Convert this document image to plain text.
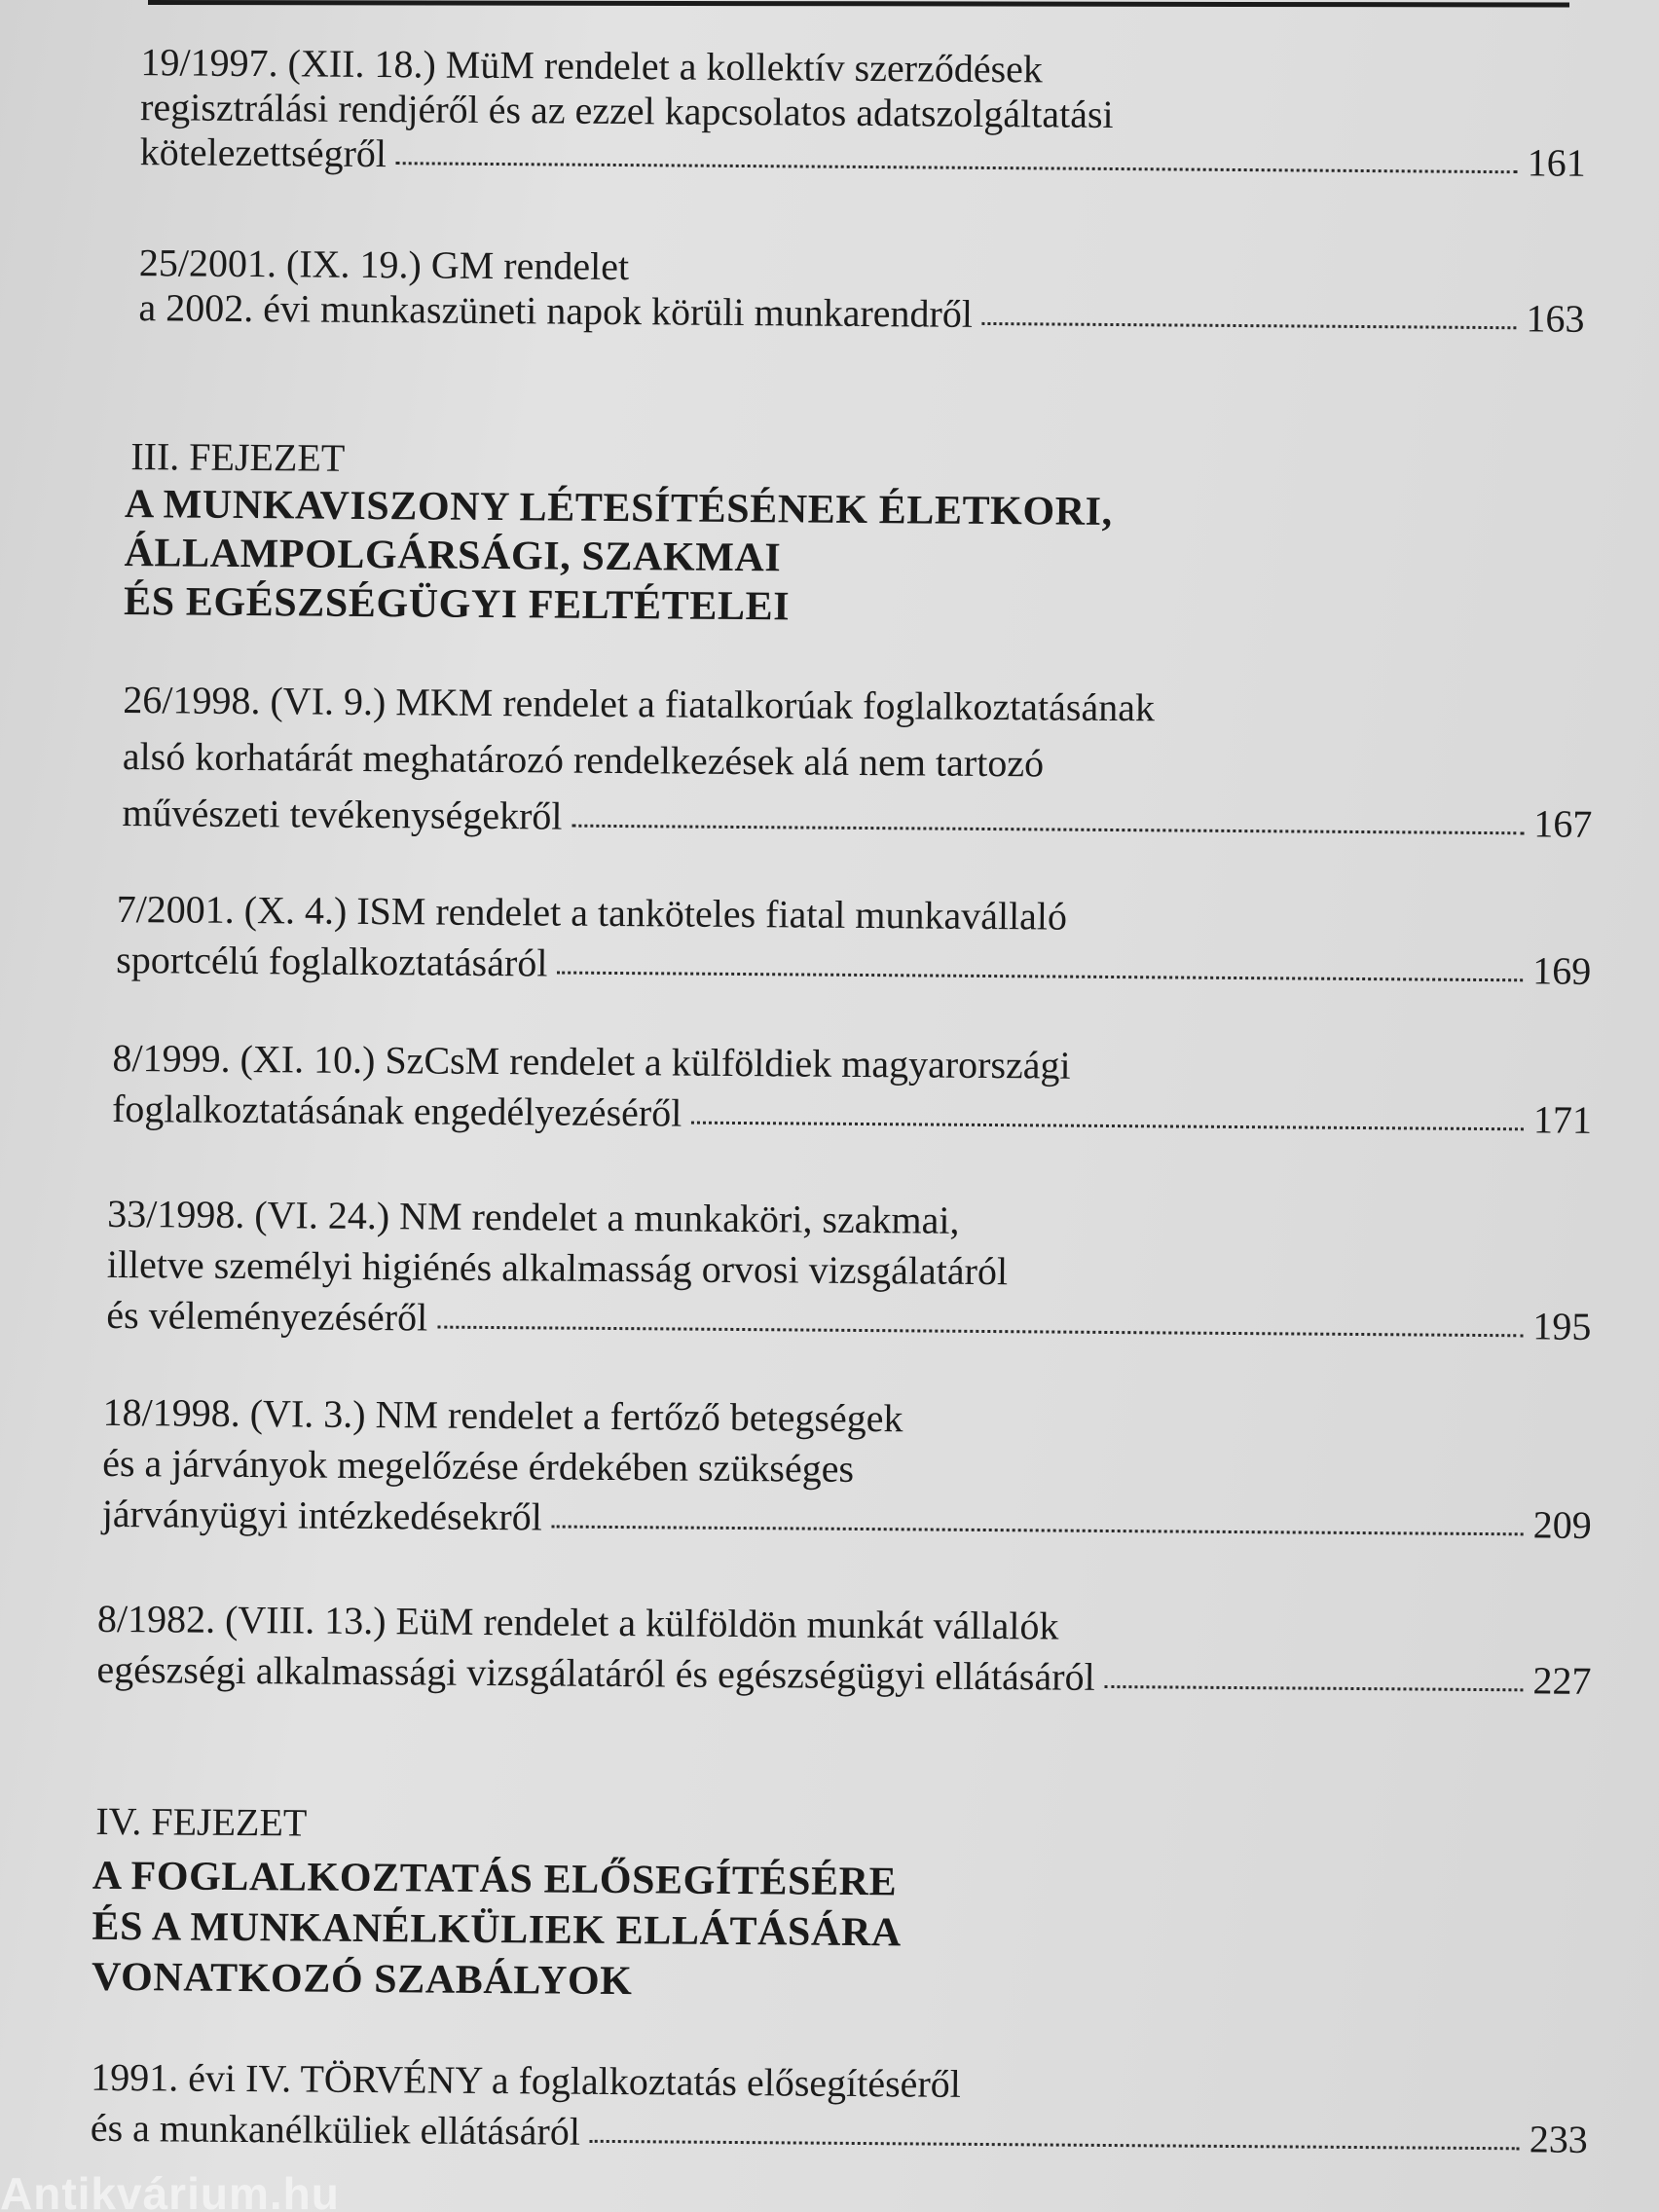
19/1997. (XII. 18.) MüM rendelet a kollektív szerződések
regisztrálási rendjéről és az ezzel kapcsolatos adatszolgáltatási
kötelezettségről	161
25/2001. (IX. 19.) GM rendelet
a 2002. évi munkaszüneti napok körüli munkarendről	163
III. FEJEZET
A MUNKAVISZONY LÉTESÍTÉSÉNEK ÉLETKORI,
ÁLLAMPOLGÁRSÁGI, SZAKMAI
ÉS EGÉSZSÉGÜGYI FELTÉTELEI
26/1998. (VI. 9.) MKM rendelet a fiatalkorúak foglalkoztatásának
alsó korhatárát meghatározó rendelkezések alá nem tartozó
művészeti tevékenységekről	167
7/2001. (X. 4.) ISM rendelet a tanköteles fiatal munkavállaló
sportcélú foglalkoztatásáról	169
8/1999. (XI. 10.) SzCsM rendelet a külföldiek magyarországi
foglalkoztatásának engedélyezéséről	171
33/1998. (VI. 24.) NM rendelet a munkaköri, szakmai,
illetve személyi higiénés alkalmasság orvosi vizsgálatáról
és véleményezéséről	195
18/1998. (VI. 3.) NM rendelet a fertőző betegségek
és a járványok megelőzése érdekében szükséges
járványügyi intézkedésekről	209
8/1982. (VIII. 13.) EüM rendelet a külföldön munkát vállalók
egészségi alkalmassági vizsgálatáról és egészségügyi ellátásáról	227
IV. FEJEZET
A FOGLALKOZTATÁS ELŐSEGÍTÉSÉRE
ÉS A MUNKANÉLKÜLIEK ELLÁTÁSÁRA
VONATKOZÓ SZABÁLYOK
1991. évi IV. TÖRVÉNY a foglalkoztatás elősegítéséről
és a munkanélküliek ellátásáról	233
Antikvárium.hu
